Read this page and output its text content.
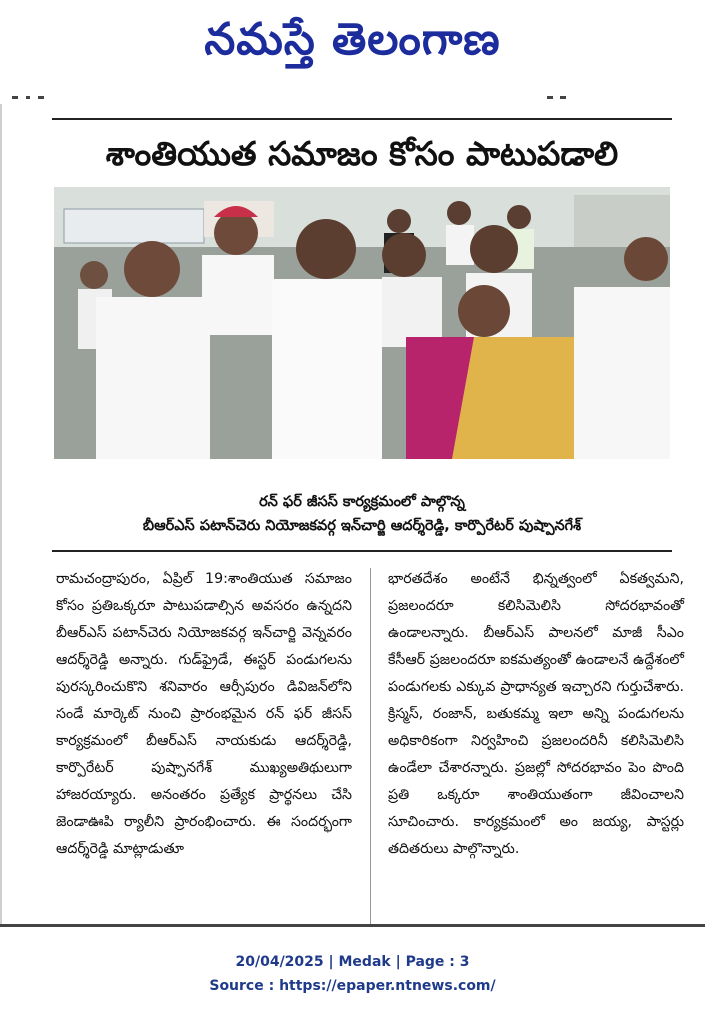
నమస్తే తెలంగాణ
శాంతియుత సమాజం కోసం పాటుపడాలి
రన్ ఫర్ జీసస్ కార్యక్రమంలో పాల్గొన్న
బీఆర్ఎస్ పటాన్‌చెరు నియోజకవర్గ ఇన్‌చార్జి ఆదర్శ్‌రెడ్డి, కార్పొరేటర్ పుష్పానగేశ్
రామచంద్రాపురం, ఏప్రిల్ 19:శాంతియుత సమాజం కోసం ప్రతిఒక్కరూ పాటుపడాల్సిన అవసరం ఉన్నదని బీఆర్ఎస్ పటాన్‌చెరు నియోజకవర్గ ఇన్‌చార్జి వెన్నవరం ఆదర్శ్‌రెడ్డి అన్నారు. గుడ్‌ఫ్రైడే, ఈస్టర్ పండుగలను పురస్కరించుకొని శనివారం ఆర్సీపురం డివిజన్‌లోని సండే మార్కెట్ నుంచి ప్రారంభమైన రన్ ఫర్ జీసస్ కార్యక్రమంలో బీఆర్ఎస్ నాయకుడు ఆదర్శ్‌రెడ్డి, కార్పొరేటర్ పుష్పానగేశ్ ముఖ్యఅతిథులుగా హాజరయ్యారు. అనంతరం ప్రత్యేక ప్రార్థనలు చేసి జెండాఊపి ర్యాలీని ప్రారంభించారు. ఈ సందర్భంగా ఆదర్శ్‌రెడ్డి మాట్లాడుతూ
భారతదేశం అంటేనే భిన్నత్వంలో ఏకత్వమని, ప్రజలందరూ కలిసిమెలిసి సోదరభావంతో ఉండాలన్నారు. బీఆర్ఎస్ పాలనలో మాజీ సీఎం కేసీఆర్ ప్రజలందరూ ఐకమత్యంతో ఉండాలనే ఉద్దేశంలో పండుగలకు ఎక్కువ ప్రాధాన్యత ఇచ్చారని గుర్తుచేశారు. క్రిస్మస్, రంజాన్, బతుకమ్మ ఇలా అన్ని పండుగలను అధికారికంగా నిర్వహించి ప్రజలందరినీ కలిసిమెలిసి ఉండేలా చేశారన్నారు. ప్రజల్లో సోదరభావం పెం పొంది ప్రతి ఒక్కరూ శాంతియుతంగా జీవించాలని సూచించారు. కార్యక్రమంలో అం జయ్య, పాస్టర్లు తదితరులు పాల్గొన్నారు.
20/04/2025 | Medak | Page : 3
Source : https://epaper.ntnews.com/
